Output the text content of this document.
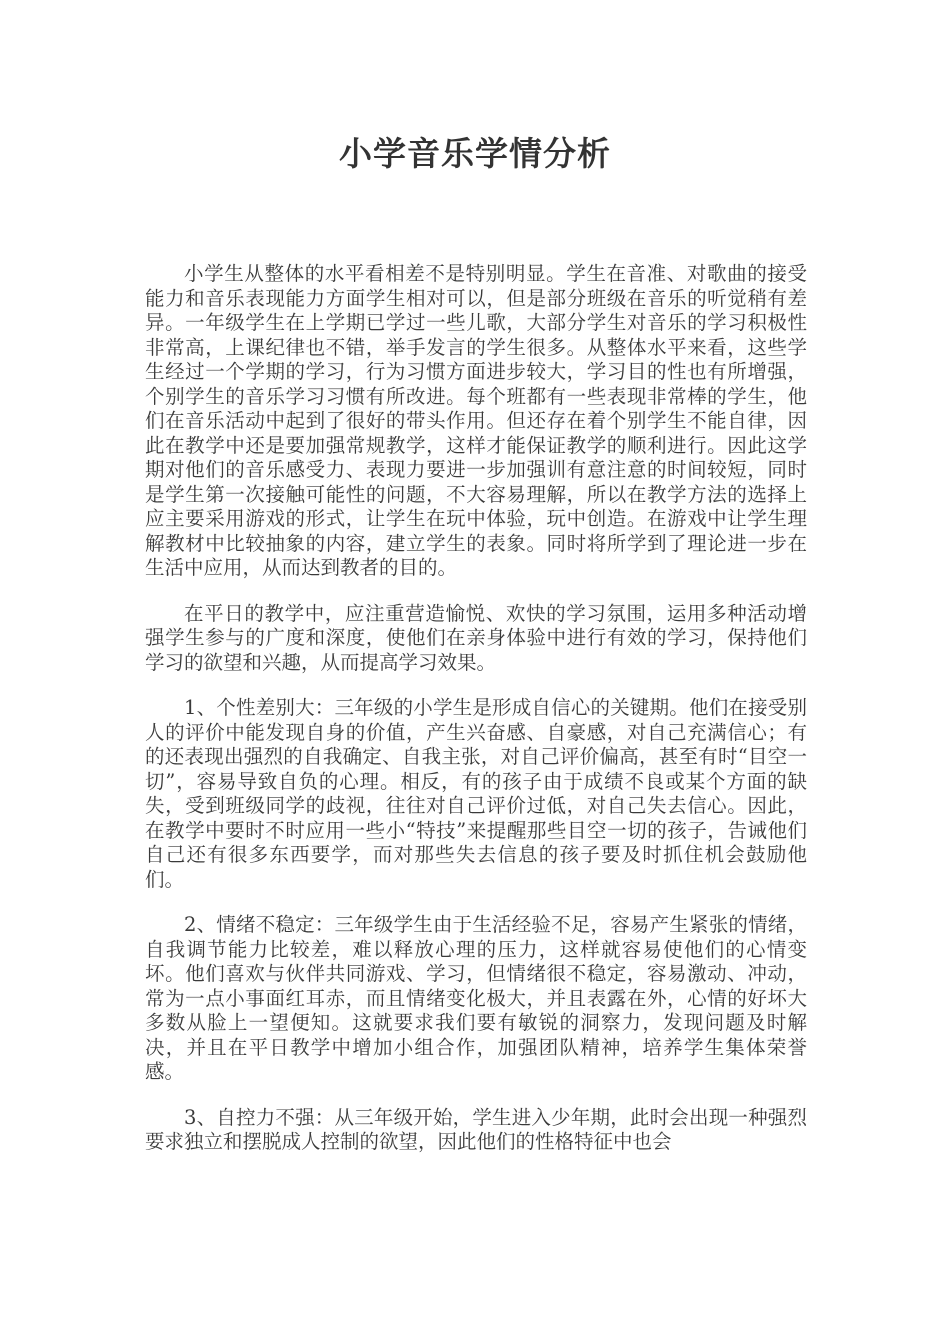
小学音乐学情分析

小学生从整体的水平看相差不是特别明显。学生在音准、对歌曲的接受能力和音乐表现能力方面学生相对可以，但是部分班级在音乐的听觉稍有差异。一年级学生在上学期已学过一些儿歌，大部分学生对音乐的学习积极性非常高，上课纪律也不错，举手发言的学生很多。从整体水平来看，这些学生经过一个学期的学习，行为习惯方面进步较大，学习目的性也有所增强，个别学生的音乐学习习惯有所改进。每个班都有一些表现非常棒的学生，他们在音乐活动中起到了很好的带头作用。但还存在着个别学生不能自律，因此在教学中还是要加强常规教学，这样才能保证教学的顺利进行。因此这学期对他们的音乐感受力、表现力要进一步加强训有意注意的时间较短，同时是学生第一次接触可能性的问题，不大容易理解，所以在教学方法的选择上应主要采用游戏的形式，让学生在玩中体验，玩中创造。在游戏中让学生理解教材中比较抽象的内容，建立学生的表象。同时将所学到了理论进一步在生活中应用，从而达到教者的目的。

在平日的教学中，应注重营造愉悦、欢快的学习氛围，运用多种活动增强学生参与的广度和深度，使他们在亲身体验中进行有效的学习，保持他们学习的欲望和兴趣，从而提高学习效果。

1、个性差别大：三年级的小学生是形成自信心的关键期。他们在接受别人的评价中能发现自身的价值，产生兴奋感、自豪感，对自己充满信心；有的还表现出强烈的自我确定、自我主张，对自己评价偏高，甚至有时“目空一切”，容易导致自负的心理。相反，有的孩子由于成绩不良或某个方面的缺失，受到班级同学的歧视，往往对自己评价过低，对自己失去信心。因此，在教学中要时不时应用一些小“特技”来提醒那些目空一切的孩子，告诫他们自己还有很多东西要学，而对那些失去信息的孩子要及时抓住机会鼓励他们。

2、情绪不稳定：三年级学生由于生活经验不足，容易产生紧张的情绪，自我调节能力比较差，难以释放心理的压力，这样就容易使他们的心情变坏。他们喜欢与伙伴共同游戏、学习，但情绪很不稳定，容易激动、冲动，常为一点小事面红耳赤，而且情绪变化极大，并且表露在外，心情的好坏大多数从脸上一望便知。这就要求我们要有敏锐的洞察力，发现问题及时解决，并且在平日教学中增加小组合作，加强团队精神，培养学生集体荣誉感。

3、自控力不强：从三年级开始，学生进入少年期，此时会出现一种强烈要求独立和摆脱成人控制的欲望，因此他们的性格特征中也会
